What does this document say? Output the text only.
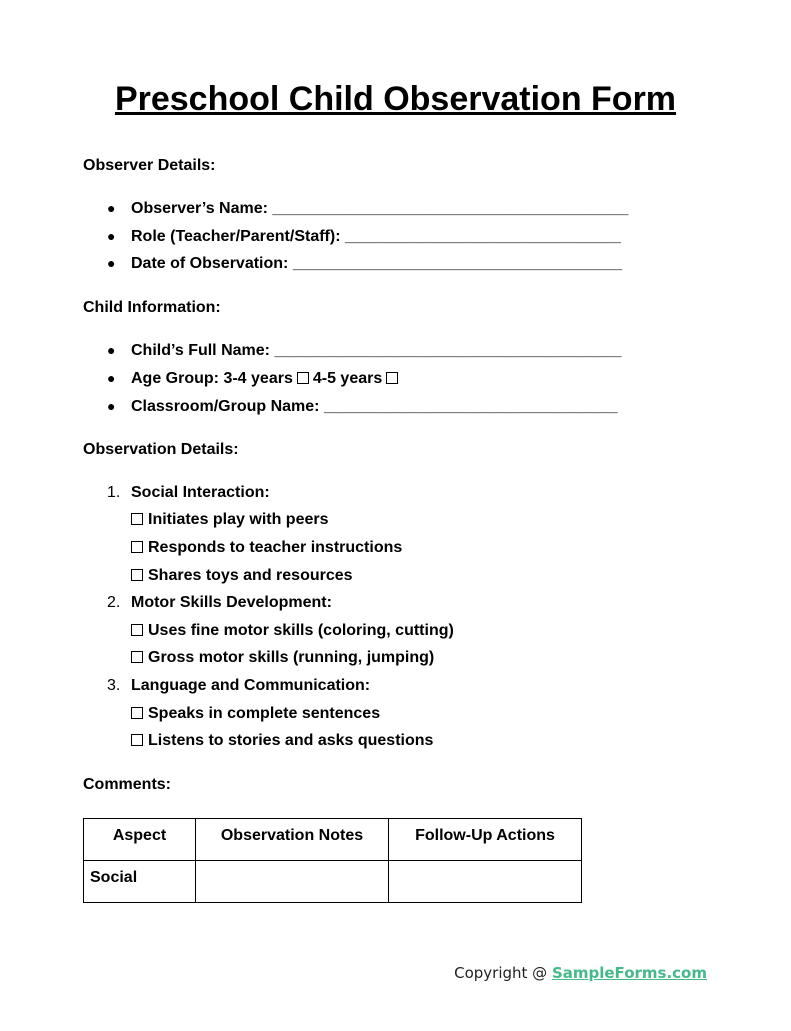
Preschool Child Observation Form
Observer Details:
● Observer’s Name: ________________________________________
● Role (Teacher/Parent/Staff): _______________________________
● Date of Observation: _____________________________________
Child Information:
● Child’s Full Name: _______________________________________
● Age Group: 3-4 years 4-5 years
● Classroom/Group Name: _________________________________
Observation Details:
1. Social Interaction:
Initiates play with peers
Responds to teacher instructions
Shares toys and resources
2. Motor Skills Development:
Uses fine motor skills (coloring, cutting)
Gross motor skills (running, jumping)
3. Language and Communication:
Speaks in complete sentences
Listens to stories and asks questions
Comments:
Aspect	Observation Notes	Follow-Up Actions
Social		
Copyright @ SampleForms.com
